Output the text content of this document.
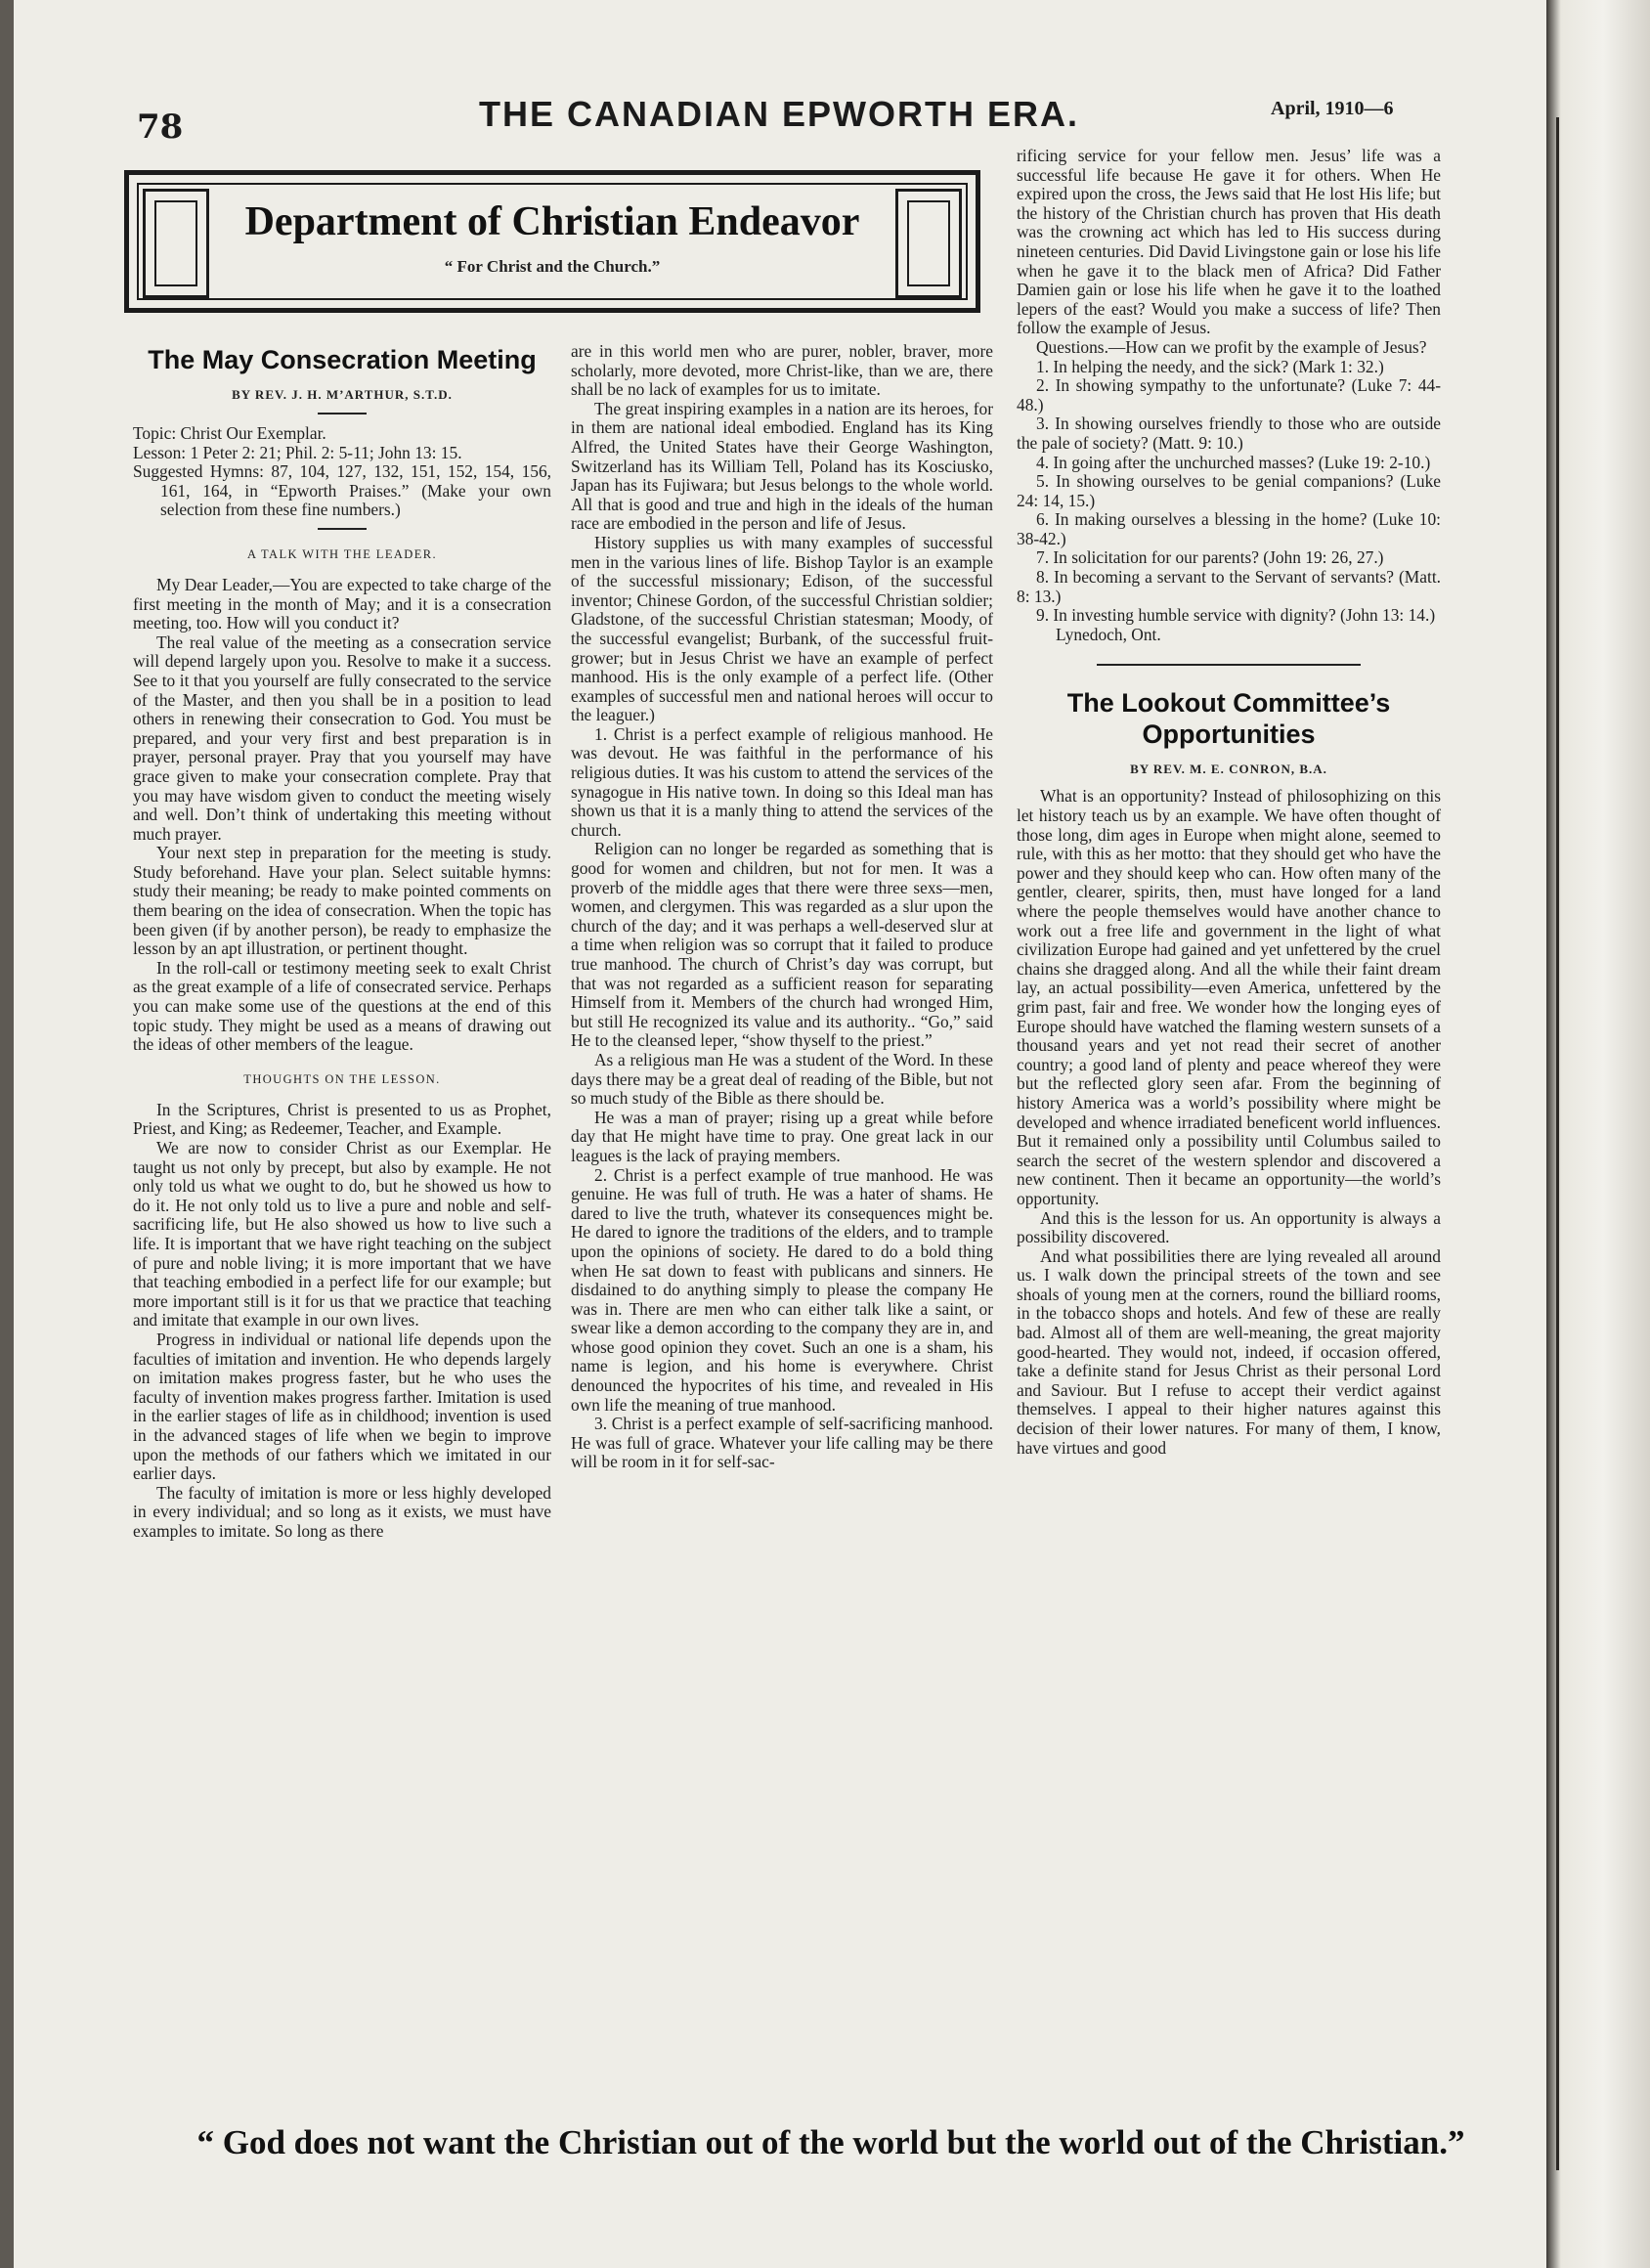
78	THE CANADIAN EPWORTH ERA.	April, 1910—6
Department of Christian Endeavor
“ For Christ and the Church.”
The May Consecration Meeting
BY REV. J. H. M’ARTHUR, S.T.D.

Topic: Christ Our Exemplar.

Lesson: 1 Peter 2: 21; Phil. 2: 5-11; John 13: 15.

Suggested Hymns: 87, 104, 127, 132, 151, 152, 154, 156, 161, 164, in “Epworth Praises.” (Make your own selection from these fine numbers.)

A TALK WITH THE LEADER.

My Dear Leader,—You are expected to take charge of the first meeting in the month of May; and it is a consecration meeting, too. How will you conduct it?

The real value of the meeting as a consecration service will depend largely upon you. Resolve to make it a success. See to it that you yourself are fully consecrated to the service of the Master, and then you shall be in a position to lead others in renewing their consecration to God. You must be prepared, and your very first and best preparation is in prayer, personal prayer. Pray that you yourself may have grace given to make your consecration complete. Pray that you may have wisdom given to conduct the meeting wisely and well. Don’t think of undertaking this meeting without much prayer.

Your next step in preparation for the meeting is study. Study beforehand. Have your plan. Select suitable hymns: study their meaning; be ready to make pointed comments on them bearing on the idea of consecration. When the topic has been given (if by another person), be ready to emphasize the lesson by an apt illustration, or pertinent thought.

In the roll-call or testimony meeting seek to exalt Christ as the great example of a life of consecrated service. Perhaps you can make some use of the questions at the end of this topic study. They might be used as a means of drawing out the ideas of other members of the league.

THOUGHTS ON THE LESSON.

In the Scriptures, Christ is presented to us as Prophet, Priest, and King; as Redeemer, Teacher, and Example.

We are now to consider Christ as our Exemplar. He taught us not only by precept, but also by example. He not only told us what we ought to do, but he showed us how to do it. He not only told us to live a pure and noble and self-sacrificing life, but He also showed us how to live such a life. It is important that we have right teaching on the subject of pure and noble living; it is more important that we have that teaching embodied in a perfect life for our example; but more important still is it for us that we practice that teaching and imitate that example in our own lives.

Progress in individual or national life depends upon the faculties of imitation and invention. He who depends largely on imitation makes progress faster, but he who uses the faculty of invention makes progress farther. Imitation is used in the earlier stages of life as in childhood; invention is used in the advanced stages of life when we begin to improve upon the methods of our fathers which we imitated in our earlier days.

The faculty of imitation is more or less highly developed in every individual; and so long as it exists, we must have examples to imitate. So long as there

are in this world men who are purer, nobler, braver, more scholarly, more devoted, more Christ-like, than we are, there shall be no lack of examples for us to imitate.

The great inspiring examples in a nation are its heroes, for in them are national ideal embodied. England has its King Alfred, the United States have their George Washington, Switzerland has its William Tell, Poland has its Kosciusko, Japan has its Fujiwara; but Jesus belongs to the whole world. All that is good and true and high in the ideals of the human race are embodied in the person and life of Jesus.

History supplies us with many examples of successful men in the various lines of life. Bishop Taylor is an example of the successful missionary; Edison, of the successful inventor; Chinese Gordon, of the successful Christian soldier; Gladstone, of the successful Christian statesman; Moody, of the successful evangelist; Burbank, of the successful fruit-grower; but in Jesus Christ we have an example of perfect manhood. His is the only example of a perfect life. (Other examples of successful men and national heroes will occur to the leaguer.)

1. Christ is a perfect example of religious manhood. He was devout. He was faithful in the performance of his religious duties. It was his custom to attend the services of the synagogue in His native town. In doing so this Ideal man has shown us that it is a manly thing to attend the services of the church.

Religion can no longer be regarded as something that is good for women and children, but not for men. It was a proverb of the middle ages that there were three sexs—men, women, and clergymen. This was regarded as a slur upon the church of the day; and it was perhaps a well-deserved slur at a time when religion was so corrupt that it failed to produce true manhood. The church of Christ’s day was corrupt, but that was not regarded as a sufficient reason for separating Himself from it. Members of the church had wronged Him, but still He recognized its value and its authority.. “Go,” said He to the cleansed leper, “show thyself to the priest.”

As a religious man He was a student of the Word. In these days there may be a great deal of reading of the Bible, but not so much study of the Bible as there should be.

He was a man of prayer; rising up a great while before day that He might have time to pray. One great lack in our leagues is the lack of praying members.

2. Christ is a perfect example of true manhood. He was genuine. He was full of truth. He was a hater of shams. He dared to live the truth, whatever its consequences might be. He dared to ignore the traditions of the elders, and to trample upon the opinions of society. He dared to do a bold thing when He sat down to feast with publicans and sinners. He disdained to do anything simply to please the company He was in. There are men who can either talk like a saint, or swear like a demon according to the company they are in, and whose good opinion they covet. Such an one is a sham, his name is legion, and his home is everywhere. Christ denounced the hypocrites of his time, and revealed in His own life the meaning of true manhood.

3. Christ is a perfect example of self-sacrificing manhood. He was full of grace. Whatever your life calling may be there will be room in it for self-sac-

rificing service for your fellow men. Jesus’ life was a successful life because He gave it for others. When He expired upon the cross, the Jews said that He lost His life; but the history of the Christian church has proven that His death was the crowning act which has led to His success during nineteen centuries. Did David Livingstone gain or lose his life when he gave it to the black men of Africa? Did Father Damien gain or lose his life when he gave it to the loathed lepers of the east? Would you make a success of life? Then follow the example of Jesus.

Questions.—How can we profit by the example of Jesus?

1. In helping the needy, and the sick? (Mark 1: 32.)

2. In showing sympathy to the unfortunate? (Luke 7: 44-48.)

3. In showing ourselves friendly to those who are outside the pale of society? (Matt. 9: 10.)

4. In going after the unchurched masses? (Luke 19: 2-10.)

5. In showing ourselves to be genial companions? (Luke 24: 14, 15.)

6. In making ourselves a blessing in the home? (Luke 10: 38-42.)

7. In solicitation for our parents? (John 19: 26, 27.)

8. In becoming a servant to the Servant of servants? (Matt. 8: 13.)

9. In investing humble service with dignity? (John 13: 14.)

Lynedoch, Ont.

The Lookout Committee’s Opportunities
BY REV. M. E. CONRON, B.A.

What is an opportunity? Instead of philosophizing on this let history teach us by an example. We have often thought of those long, dim ages in Europe when might alone, seemed to rule, with this as her motto: that they should get who have the power and they should keep who can. How often many of the gentler, clearer, spirits, then, must have longed for a land where the people themselves would have another chance to work out a free life and government in the light of what civilization Europe had gained and yet unfettered by the cruel chains she dragged along. And all the while their faint dream lay, an actual possibility—even America, unfettered by the grim past, fair and free. We wonder how the longing eyes of Europe should have watched the flaming western sunsets of a thousand years and yet not read their secret of another country; a good land of plenty and peace whereof they were but the reflected glory seen afar. From the beginning of history America was a world’s possibility where might be developed and whence irradiated beneficent world influences. But it remained only a possibility until Columbus sailed to search the secret of the western splendor and discovered a new continent. Then it became an opportunity—the world’s opportunity.

And this is the lesson for us. An opportunity is always a possibility discovered.

And what possibilities there are lying revealed all around us. I walk down the principal streets of the town and see shoals of young men at the corners, round the billiard rooms, in the tobacco shops and hotels. And few of these are really bad. Almost all of them are well-meaning, the great majority good-hearted. They would not, indeed, if occasion offered, take a definite stand for Jesus Christ as their personal Lord and Saviour. But I refuse to accept their verdict against themselves. I appeal to their higher natures against this decision of their lower natures. For many of them, I know, have virtues and good

“ God does not want the Christian out of the world but the world out of the Christian.”
